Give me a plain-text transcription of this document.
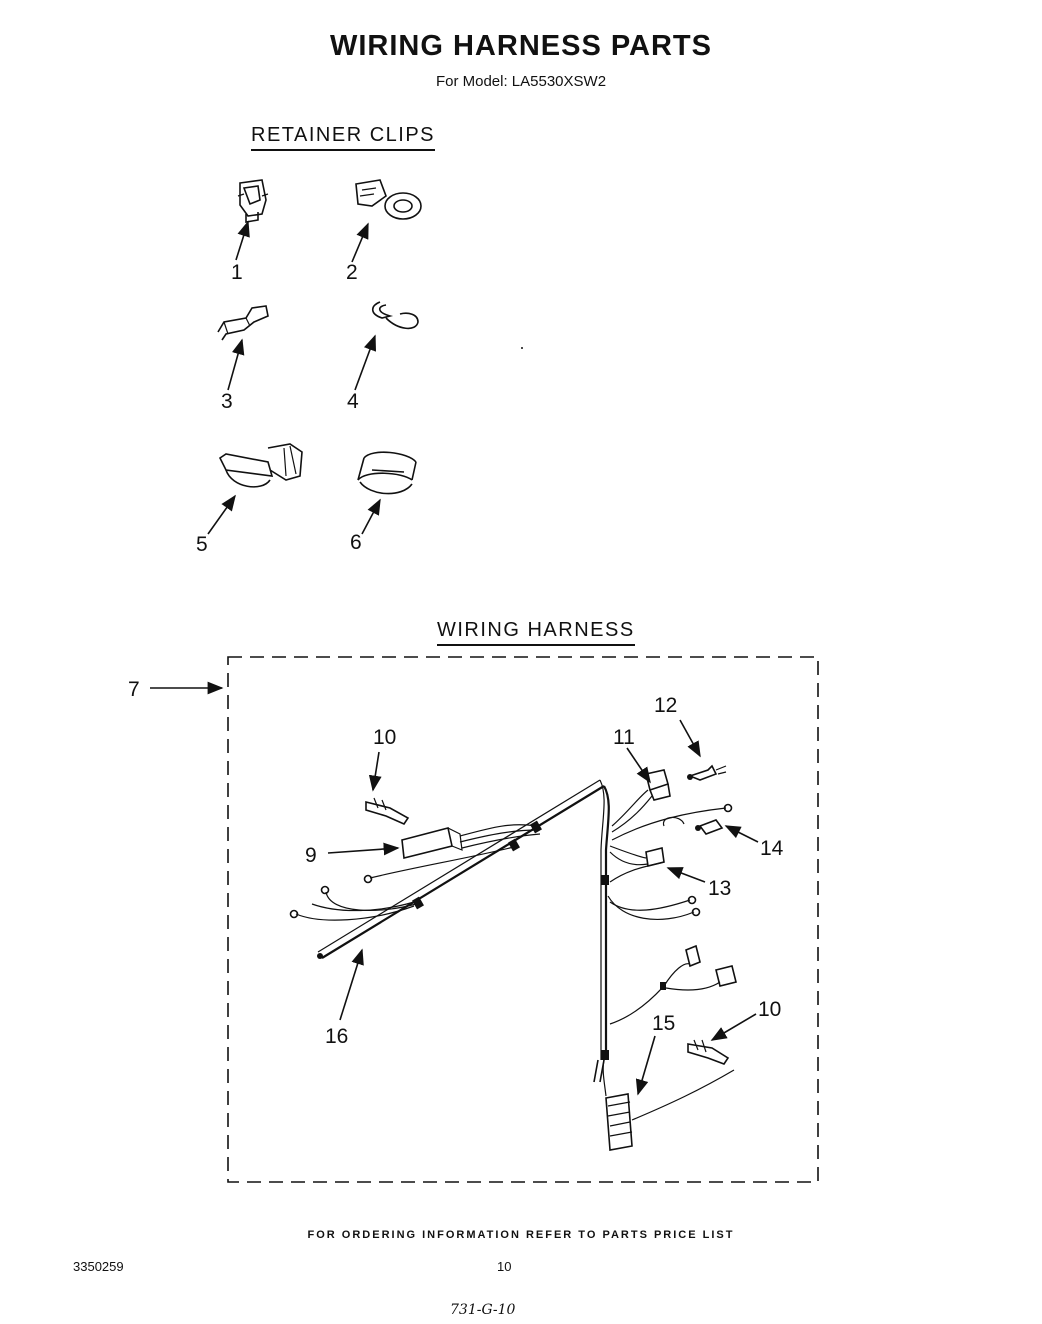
WIRING HARNESS PARTS
For Model: LA5530XSW2
RETAINER CLIPS
WIRING HARNESS
1	2
3	4
5	6
7
10
9
11
12
14
13
10
15
16
FOR ORDERING INFORMATION REFER TO PARTS PRICE LIST
3350259	10
731-G-10
